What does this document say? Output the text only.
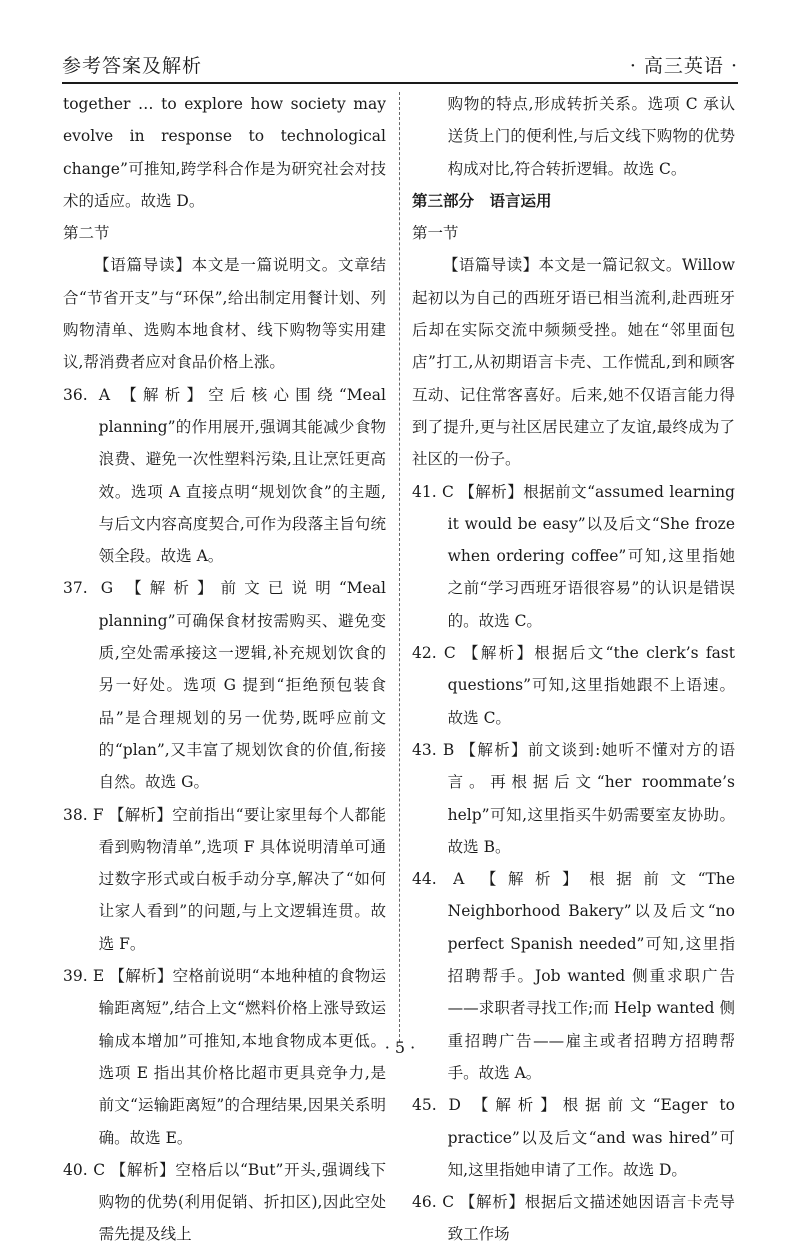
参考答案及解析	· 高三英语 ·

together … to explore how society may evolve in response to technological change”可推知,跨学科合作是为研究社会对技术的适应。故选 D。

第二节

【语篇导读】本文是一篇说明文。文章结合“节省开支”与“环保”,给出制定用餐计划、列购物清单、选购本地食材、线下购物等实用建议,帮消费者应对食品价格上涨。

36. A 【解析】空后核心围绕“Meal planning”的作用展开,强调其能减少食物浪费、避免一次性塑料污染,且让烹饪更高效。选项 A 直接点明“规划饮食”的主题,与后文内容高度契合,可作为段落主旨句统领全段。故选 A。

37. G 【解析】前文已说明“Meal planning”可确保食材按需购买、避免变质,空处需承接这一逻辑,补充规划饮食的另一好处。选项 G 提到“拒绝预包装食品”是合理规划的另一优势,既呼应前文的“plan”,又丰富了规划饮食的价值,衔接自然。故选 G。

38. F 【解析】空前指出“要让家里每个人都能看到购物清单”,选项 F 具体说明清单可通过数字形式或白板手动分享,解决了“如何让家人看到”的问题,与上文逻辑连贯。故选 F。

39. E 【解析】空格前说明“本地种植的食物运输距离短”,结合上文“燃料价格上涨导致运输成本增加”可推知,本地食物成本更低。选项 E 指出其价格比超市更具竞争力,是前文“运输距离短”的合理结果,因果关系明确。故选 E。

40. C 【解析】空格后以“But”开头,强调线下购物的优势(利用促销、折扣区),因此空处需先提及线上

购物的特点,形成转折关系。选项 C 承认送货上门的便利性,与后文线下购物的优势构成对比,符合转折逻辑。故选 C。

第三部分　语言运用

第一节

【语篇导读】本文是一篇记叙文。Willow 起初以为自己的西班牙语已相当流利,赴西班牙后却在实际交流中频频受挫。她在“邻里面包店”打工,从初期语言卡壳、工作慌乱,到和顾客互动、记住常客喜好。后来,她不仅语言能力得到了提升,更与社区居民建立了友谊,最终成为了社区的一份子。

41. C 【解析】根据前文“assumed learning it would be easy”以及后文“She froze when ordering coffee”可知,这里指她之前“学习西班牙语很容易”的认识是错误的。故选 C。

42. C 【解析】根据后文“the clerk’s fast questions”可知,这里指她跟不上语速。故选 C。

43. B 【解析】前文谈到:她听不懂对方的语言。再根据后文“her roommate’s help”可知,这里指买牛奶需要室友协助。故选 B。

44. A 【解析】根据前文“The Neighborhood Bakery”以及后文“no perfect Spanish needed”可知,这里指招聘帮手。Job wanted 侧重求职广告——求职者寻找工作;而 Help wanted 侧重招聘广告——雇主或者招聘方招聘帮手。故选 A。

45. D 【解析】根据前文“Eager to practice”以及后文“and was hired”可知,这里指她申请了工作。故选 D。

46. C 【解析】根据后文描述她因语言卡壳导致工作场

· 5 ·
